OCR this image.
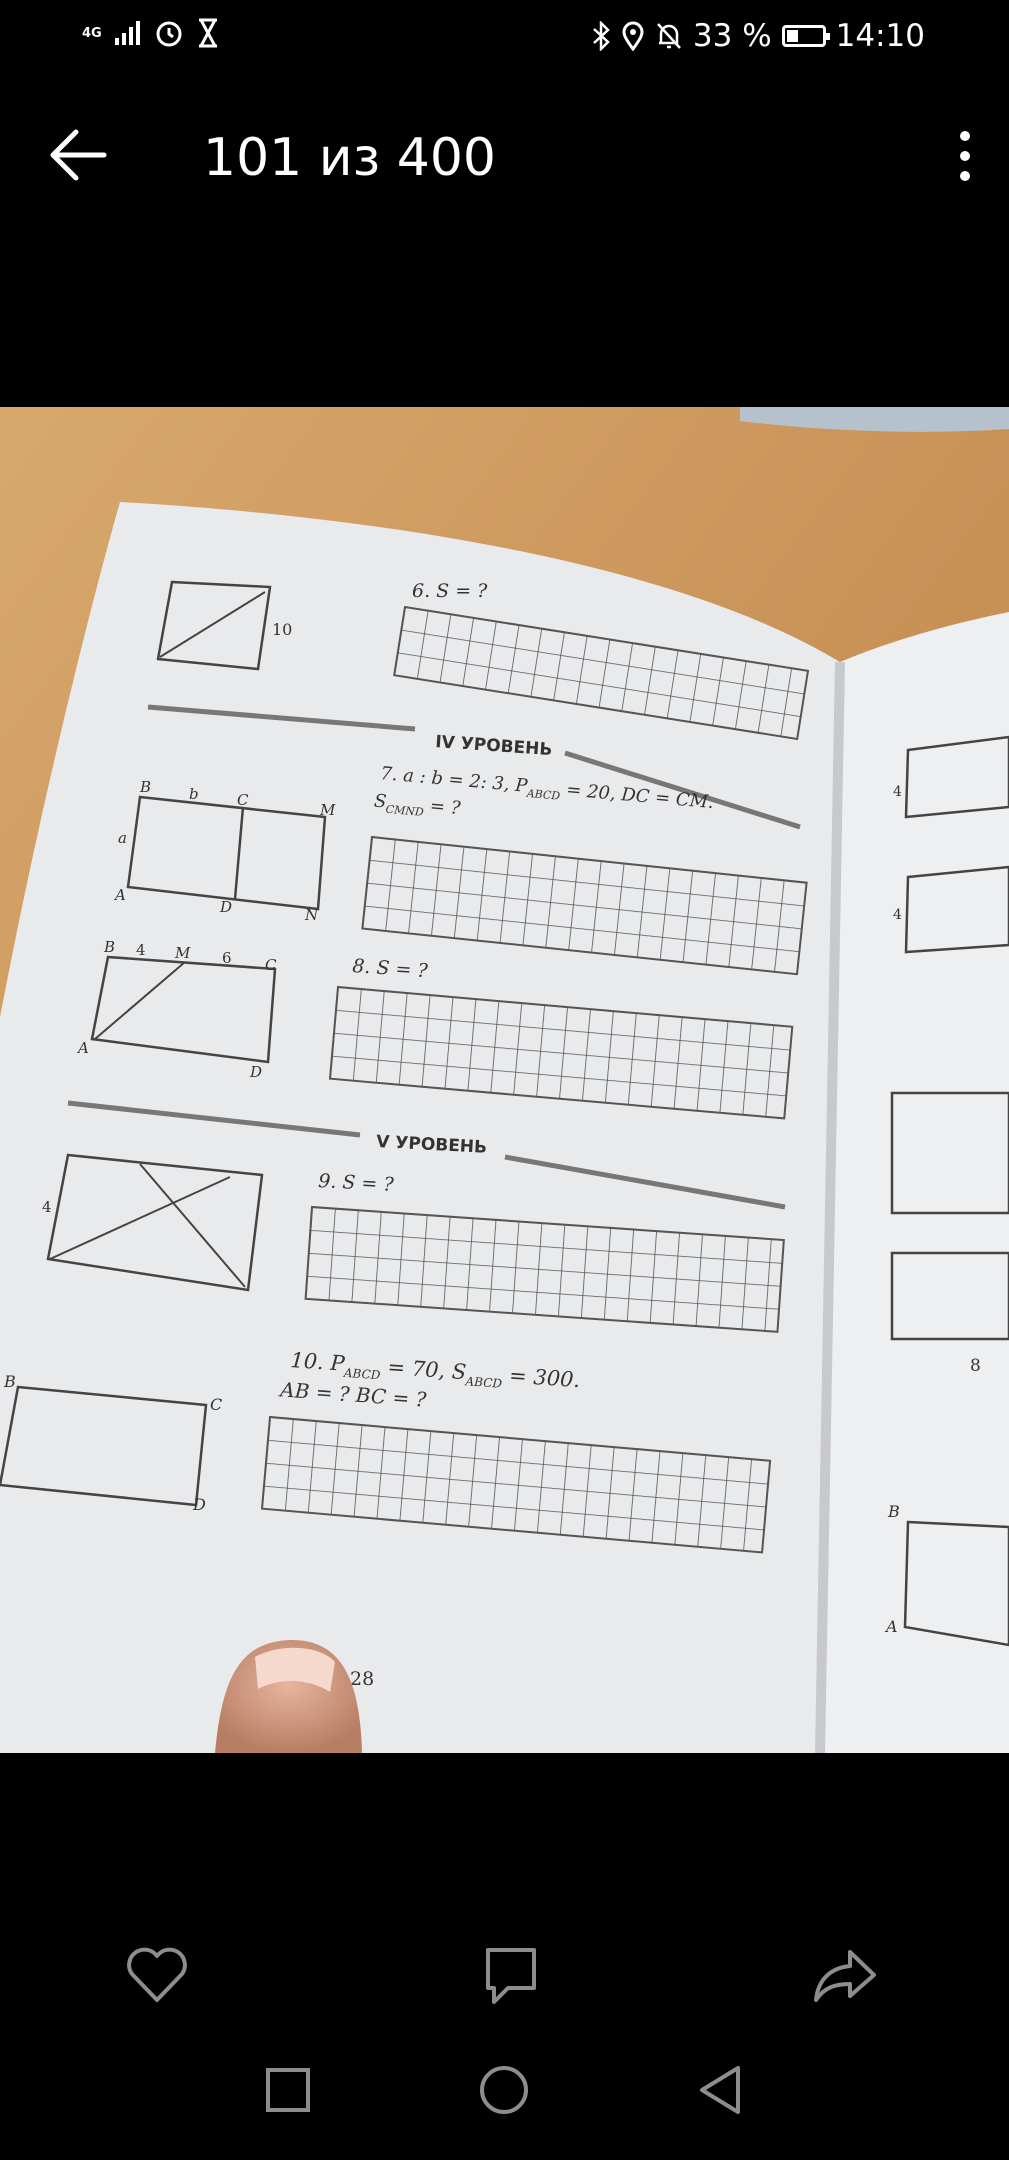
4G	33 % 14:10
101 из 400
10
6. S = ?
IV УРОВЕНЬ
B	b	C
M
a
A
D	N
7. a : b = 2: 3, $P_{ABCD} = 20$, DC = CM.
$S_{CMND}$ = ?
B 4 M 6 C
A
D
8. S = ?
V УРОВЕНЬ
4
9. S = ?
B
C
D
10. $P_{ABCD} = 70$, $S_{ABCD} = 300$.
AB = ? BC = ?
28
4
4
8
B
A
